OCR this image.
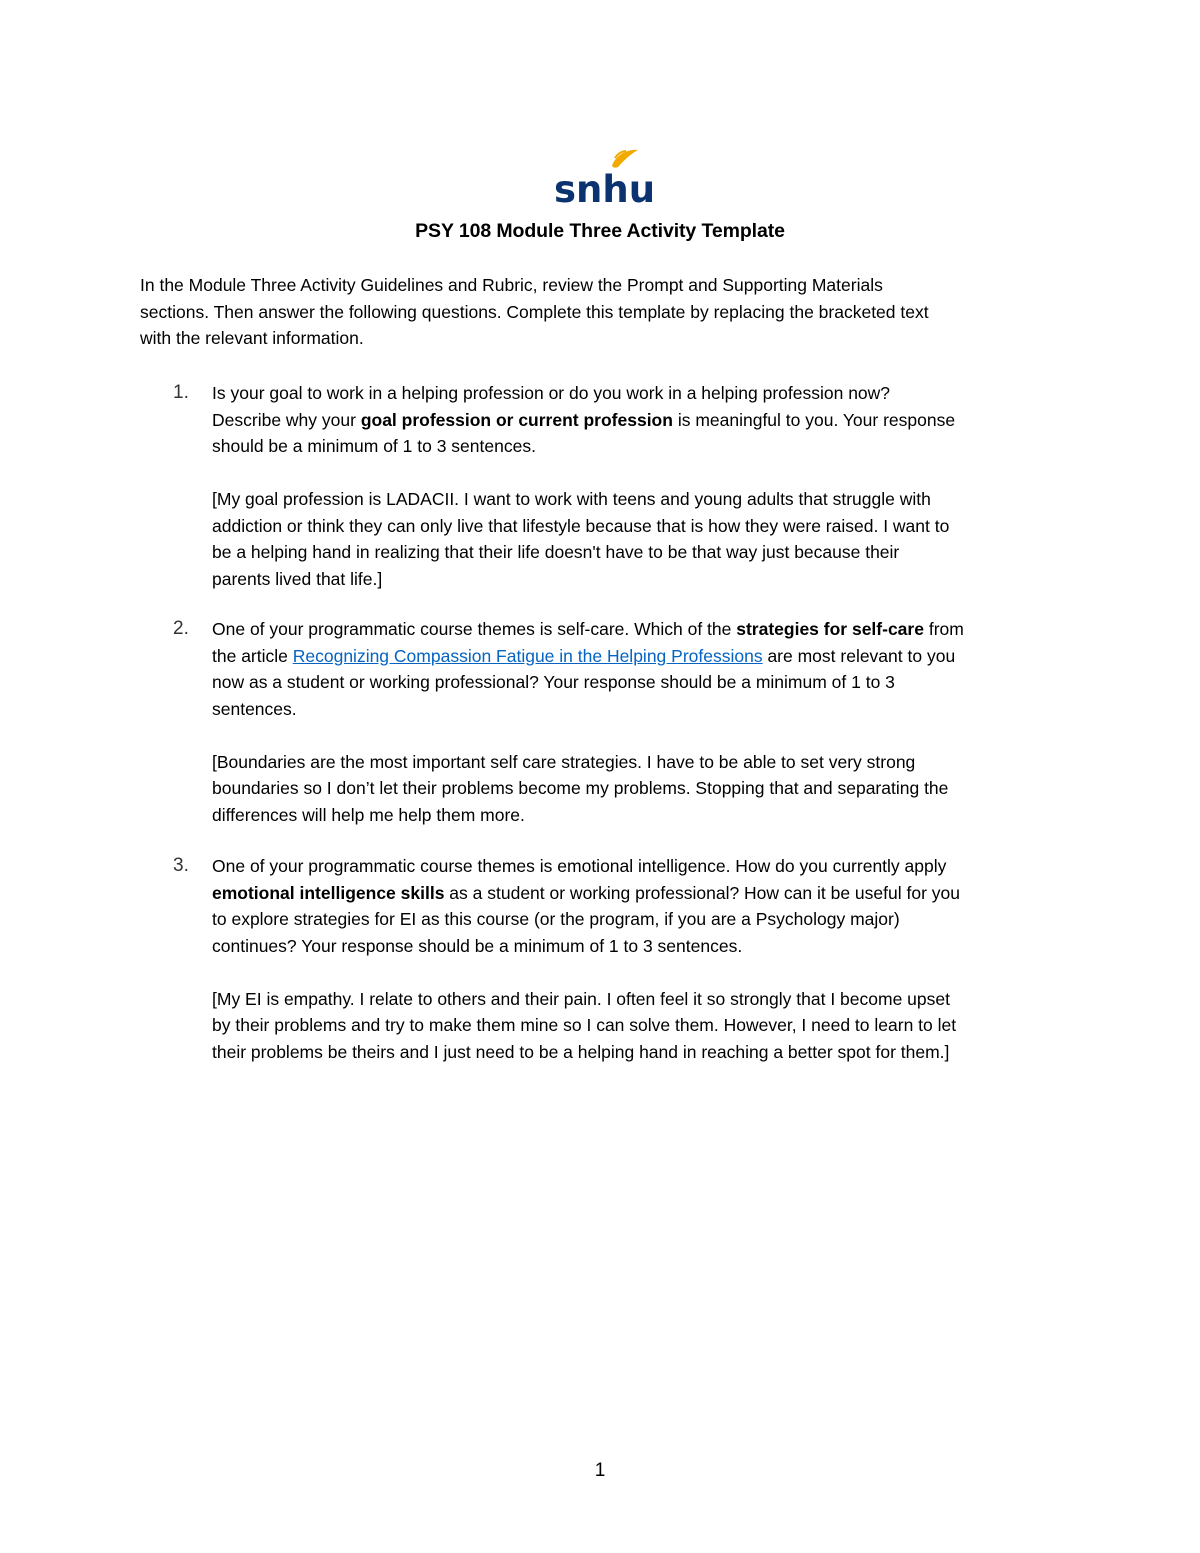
snhu
PSY 108 Module Three Activity Template
In the Module Three Activity Guidelines and Rubric, review the Prompt and Supporting Materials
sections. Then answer the following questions. Complete this template by replacing the bracketed text
with the relevant information.
1. Is your goal to work in a helping profession or do you work in a helping profession now?
Describe why your goal profession or current profession is meaningful to you. Your response
should be a minimum of 1 to 3 sentences.
[My goal profession is LADACII. I want to work with teens and young adults that struggle with
addiction or think they can only live that lifestyle because that is how they were raised. I want to
be a helping hand in realizing that their life doesn't have to be that way just because their
parents lived that life.]
2. One of your programmatic course themes is self-care. Which of the strategies for self-care from
the article Recognizing Compassion Fatigue in the Helping Professions are most relevant to you
now as a student or working professional? Your response should be a minimum of 1 to 3
sentences.
[Boundaries are the most important self care strategies. I have to be able to set very strong
boundaries so I don’t let their problems become my problems. Stopping that and separating the
differences will help me help them more.
3. One of your programmatic course themes is emotional intelligence. How do you currently apply
emotional intelligence skills as a student or working professional? How can it be useful for you
to explore strategies for EI as this course (or the program, if you are a Psychology major)
continues? Your response should be a minimum of 1 to 3 sentences.
[My EI is empathy. I relate to others and their pain. I often feel it so strongly that I become upset
by their problems and try to make them mine so I can solve them. However, I need to learn to let
their problems be theirs and I just need to be a helping hand in reaching a better spot for them.]
1
